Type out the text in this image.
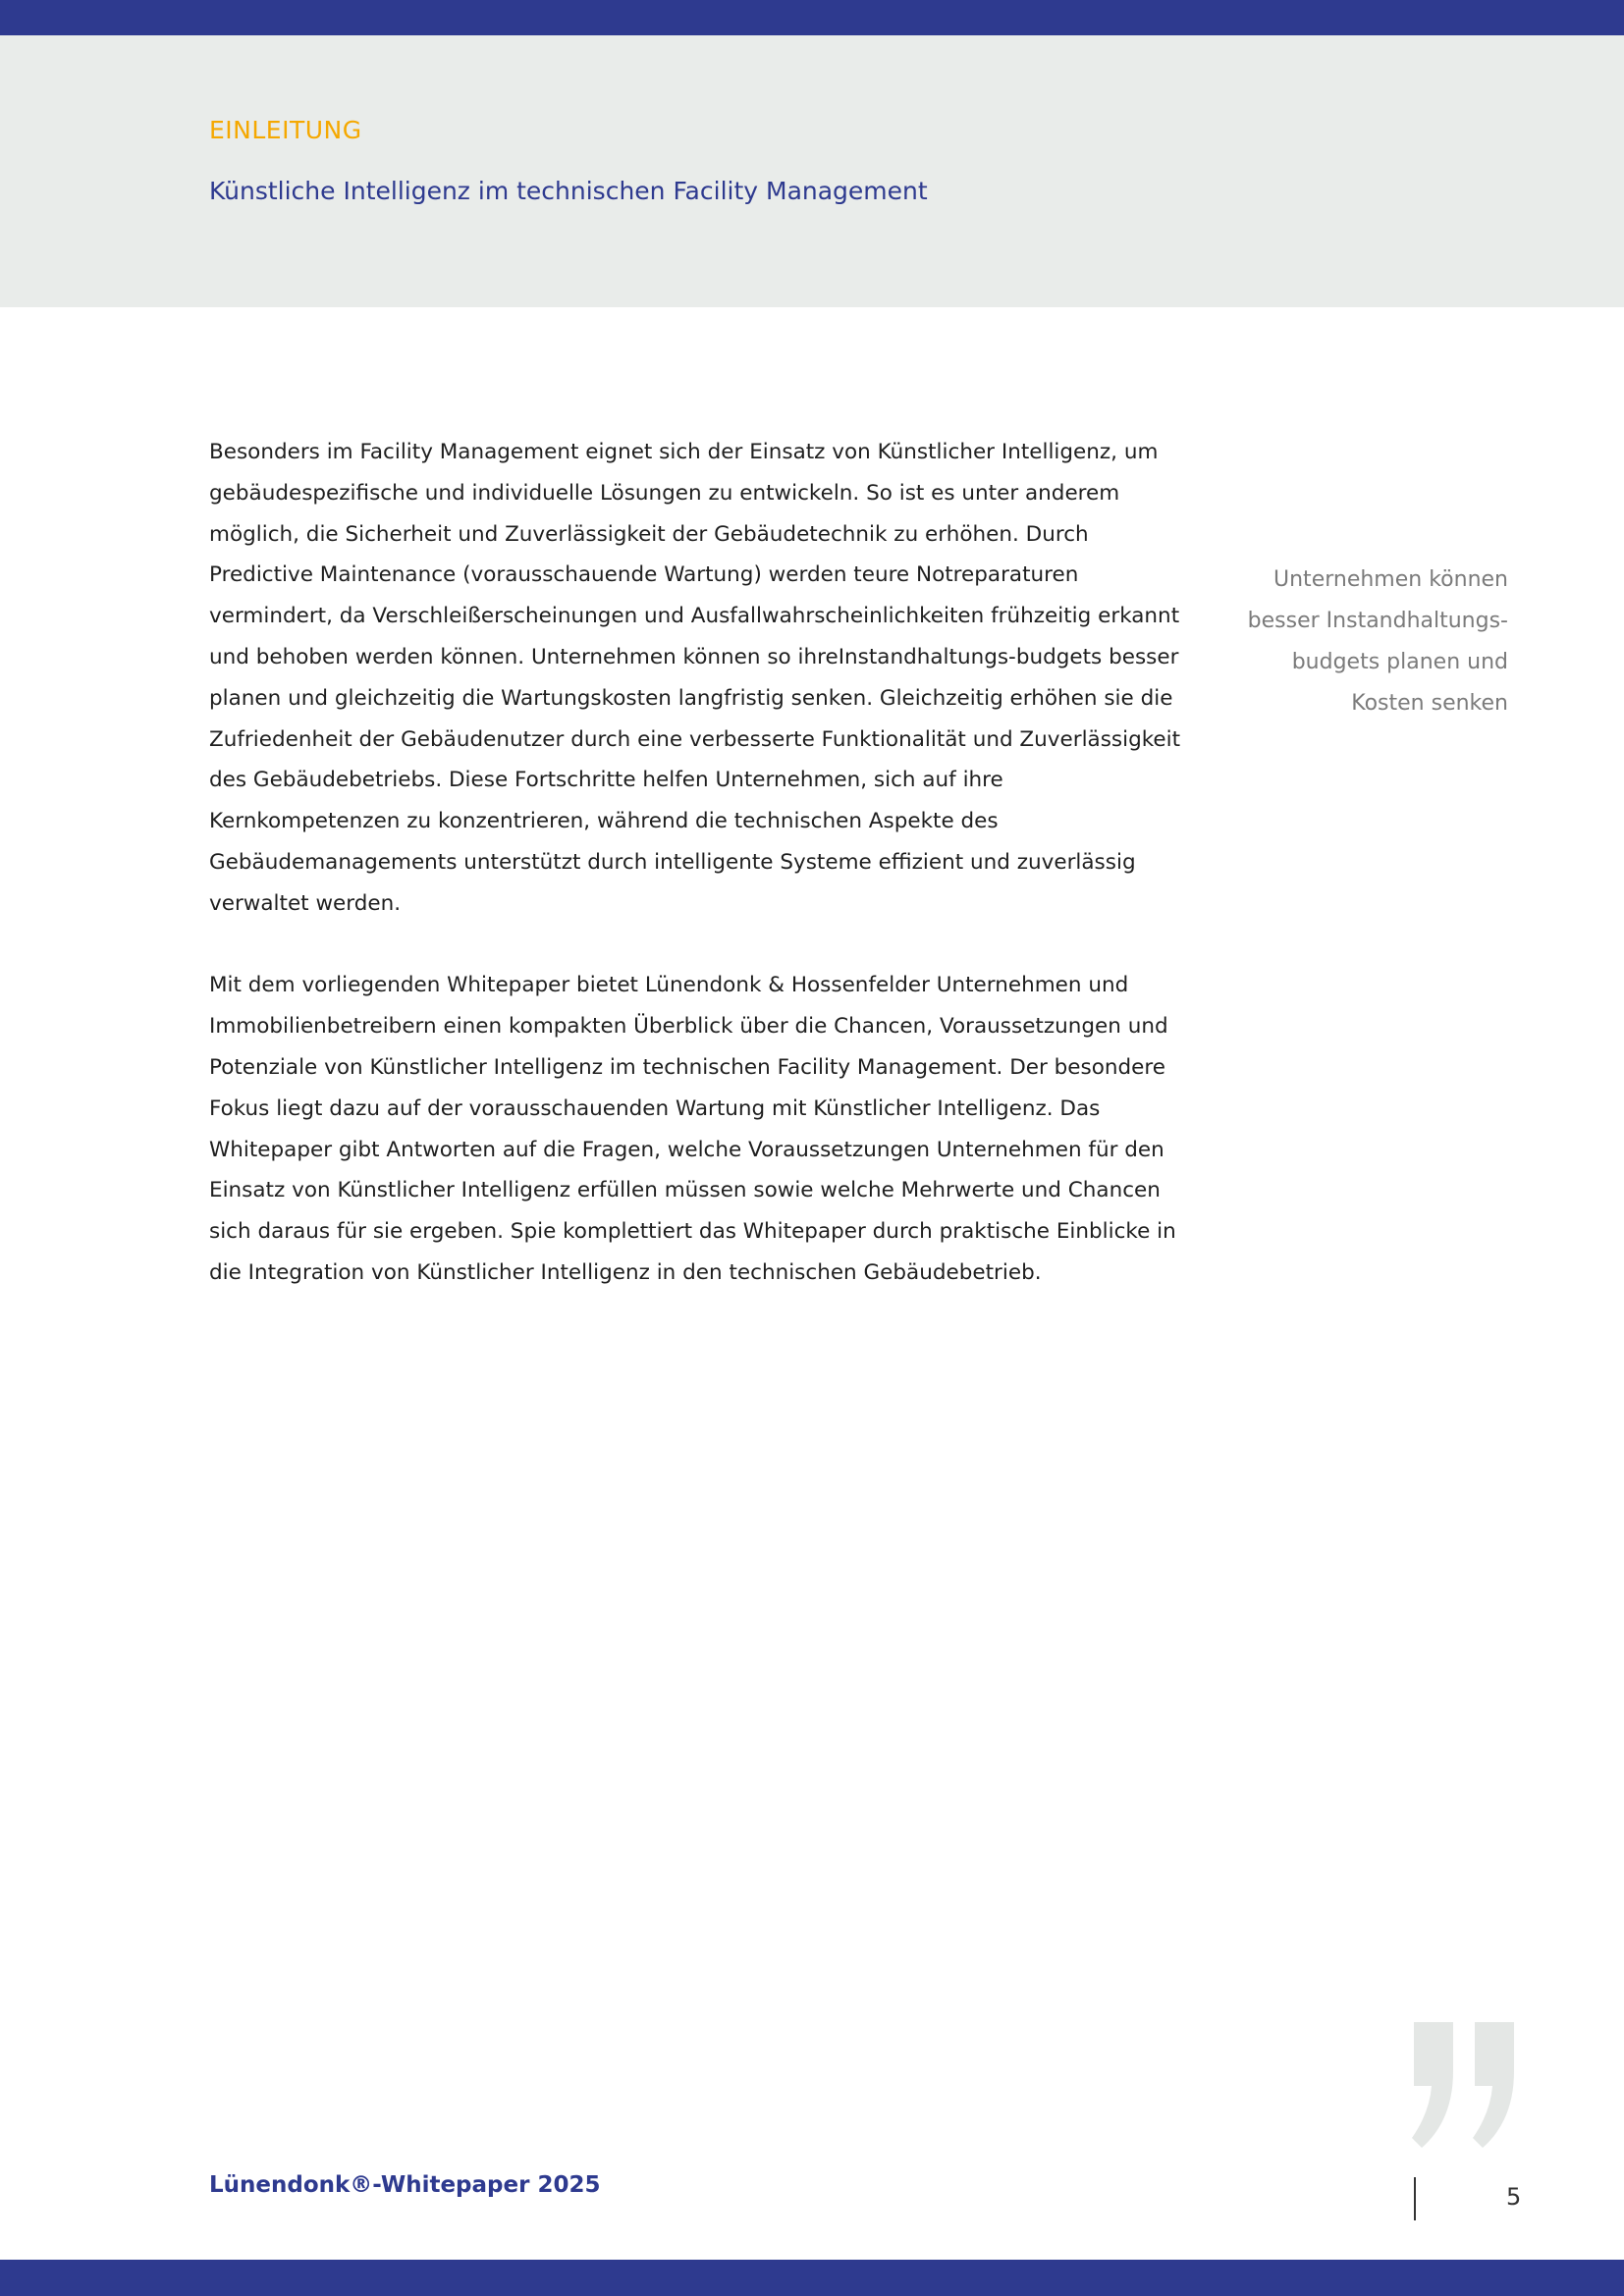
EINLEITUNG
Künstliche Intelligenz im technischen Facility Management

Besonders im Facility Management eignet sich der Einsatz von Künstlicher Intelligenz, um gebäudespezifische und individuelle Lösungen zu entwickeln. So ist es unter anderem möglich, die Sicherheit und Zuverlässigkeit der Gebäudetechnik zu erhöhen. Durch Predictive Maintenance (vorausschauende Wartung) werden teure Notreparaturen vermindert, da Verschleißerscheinungen und Ausfallwahrscheinlichkeiten frühzeitig erkannt und behoben werden können. Unternehmen können so ihreInstandhaltungs-budgets besser planen und gleichzeitig die Wartungskosten langfristig senken. Gleichzeitig erhöhen sie die Zufriedenheit der Gebäudenutzer durch eine verbesserte Funktionalität und Zuverlässigkeit des Gebäudebetriebs. Diese Fortschritte helfen Unternehmen, sich auf ihre Kernkompetenzen zu konzentrieren, während die technischen Aspekte des Gebäudemanagements unterstützt durch intelligente Systeme effizient und zuverlässig verwaltet werden.

Mit dem vorliegenden Whitepaper bietet Lünendonk & Hossenfelder Unternehmen und Immobilienbetreibern einen kompakten Überblick über die Chancen, Voraussetzungen und Potenziale von Künstlicher Intelligenz im technischen Facility Management. Der besondere Fokus liegt dazu auf der vorausschauenden Wartung mit Künstlicher Intelligenz. Das Whitepaper gibt Antworten auf die Fragen, welche Voraussetzungen Unternehmen für den Einsatz von Künstlicher Intelligenz erfüllen müssen sowie welche Mehrwerte und Chancen sich daraus für sie ergeben. Spie komplettiert das Whitepaper durch praktische Einblicke in die Integration von Künstlicher Intelligenz in den technischen Gebäudebetrieb.

Unternehmen können
besser Instandhaltungs-
budgets planen und
Kosten senken
Lünendonk®-Whitepaper 2025	5
